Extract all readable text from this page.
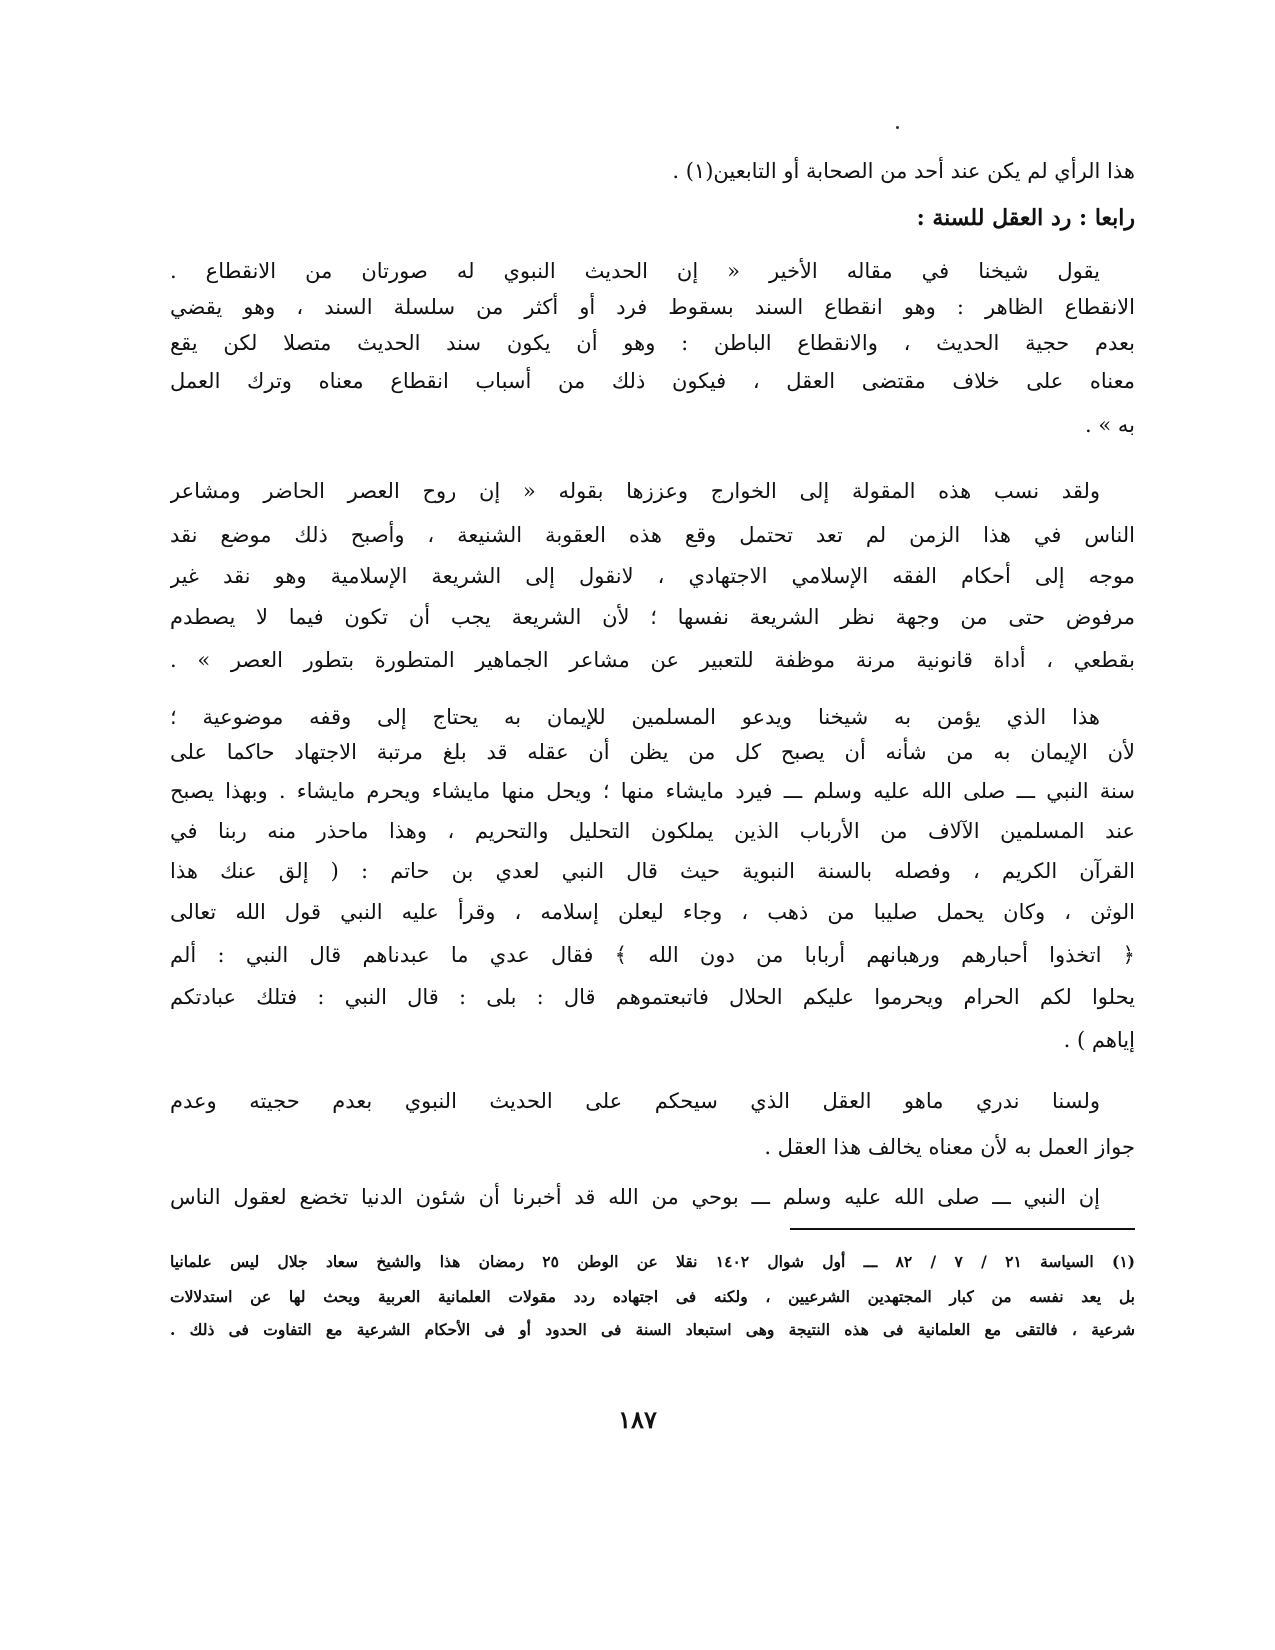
هذا الرأي لم يكن عند أحد من الصحابة أو التابعين(١) .
رابعا : رد العقل للسنة :
يقول شيخنا في مقاله الأخير « إن الحديث النبوي له صورتان من الانقطاع .
الانقطاع الظاهر : وهو انقطاع السند بسقوط فرد أو أكثر من سلسلة السند ، وهو يقضي
بعدم حجية الحديث ، والانقطاع الباطن : وهو أن يكون سند الحديث متصلا لكن يقع
معناه على خلاف مقتضى العقل ، فيكون ذلك من أسباب انقطاع معناه وترك العمل
به » .
ولقد نسب هذه المقولة إلى الخوارج وعززها بقوله « إن روح العصر الحاضر ومشاعر
الناس في هذا الزمن لم تعد تحتمل وقع هذه العقوبة الشنيعة ، وأصبح ذلك موضع نقد
موجه إلى أحكام الفقه الإسلامي الاجتهادي ، لانقول إلى الشريعة الإسلامية وهو نقد غير
مرفوض حتى من وجهة نظر الشريعة نفسها ؛ لأن الشريعة يجب أن تكون فيما لا يصطدم
بقطعي ، أداة قانونية مرنة موظفة للتعبير عن مشاعر الجماهير المتطورة بتطور العصر » .
هذا الذي يؤمن به شيخنا ويدعو المسلمين للإيمان به يحتاج إلى وقفه موضوعية ؛
لأن الإيمان به من شأنه أن يصبح كل من يظن أن عقله قد بلغ مرتبة الاجتهاد حاكما على
سنة النبي ـــ صلى الله عليه وسلم ـــ فيرد مايشاء منها ؛ ويحل منها مايشاء ويحرم مايشاء . وبهذا يصبح
عند المسلمين الآلاف من الأرباب الذين يملكون التحليل والتحريم ، وهذا ماحذر منه ربنا في
القرآن الكريم ، وفصله بالسنة النبوية حيث قال النبي لعدي بن حاتم : ( إلق عنك هذا
الوثن ، وكان يحمل صليبا من ذهب ، وجاء ليعلن إسلامه ، وقرأ عليه النبي قول الله تعالى
﴿ اتخذوا أحبارهم ورهبانهم أربابا من دون الله ﴾ فقال عدي ما عبدناهم قال النبي : ألم
يحلوا لكم الحرام ويحرموا عليكم الحلال فاتبعتموهم قال : بلى : قال النبي : فتلك عبادتكم
إياهم ) .
ولسنا ندري ماهو العقل الذي سيحكم على الحديث النبوي بعدم حجيته وعدم
جواز العمل به لأن معناه يخالف هذا العقل .
إن النبي ـــ صلى الله عليه وسلم ـــ بوحي من الله قد أخبرنا أن شئون الدنيا تخضع لعقول الناس
(١) السياسة ٢١ / ٧ / ٨٢ ـــ أول شوال ١٤٠٢ نقلا عن الوطن ٢٥ رمضان هذا والشيخ سعاد جلال ليس علمانيا
بل يعد نفسه من كبار المجتهدين الشرعيين ، ولكنه فى اجتهاده ردد مقولات العلمانية العربية ويحث لها عن استدلالات
شرعية ، فالتقى مع العلمانية فى هذه النتيجة وهى استبعاد السنة فى الحدود أو فى الأحكام الشرعية مع التفاوت فى ذلك .
١٨٧
